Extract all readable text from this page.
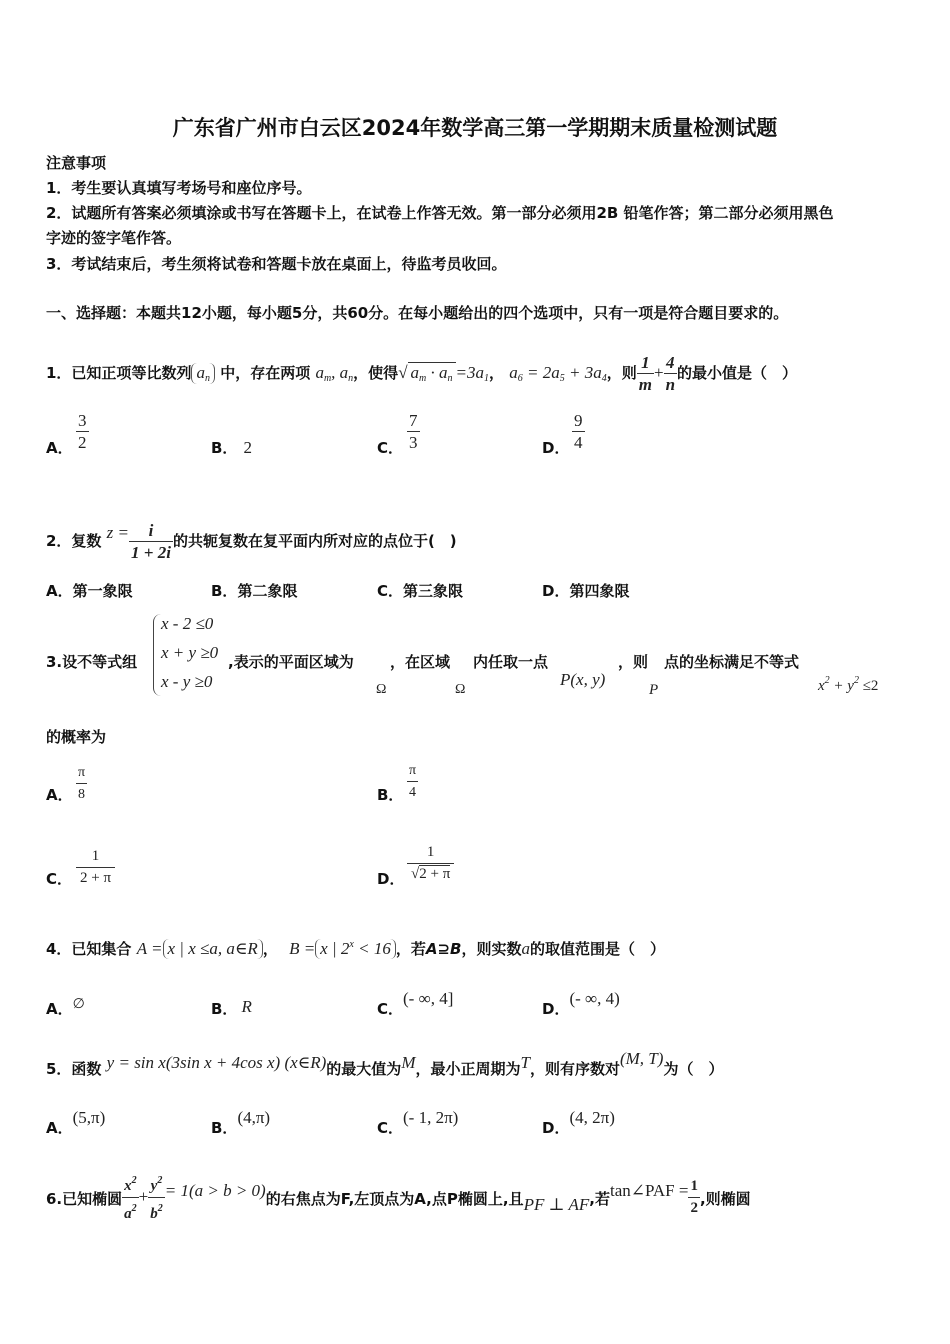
广东省广州市白云区2024年数学高三第一学期期末质量检测试题
注意事项
1．考生要认真填写考场号和座位序号。
2．试题所有答案必须填涂或书写在答题卡上，在试卷上作答无效。第一部分必须用2B 铅笔作答；第二部分必须用黑色
字迹的签字笔作答。
3．考试结束后，考生须将试卷和答题卡放在桌面上，待监考员收回。
一、选择题：本题共12小题，每小题5分，共60分。在每小题给出的四个选项中，只有一项是符合题目要求的。
1．已知正项等比数列 $a_n$ 中，存在两项 $a_m$, $a_n$，使得√ $a_m \cdot a_n =3a_1$， $a_6 = 2a_5 + 3a_4$，则 $\frac{1}{m} + \frac{4}{n}$ 的最小值是（　）
A． $\frac{3}{2}$	B． 2	C． $\frac{7}{3}$	D． $\frac{9}{4}$
2．复数 $z = \frac{i}{1 + 2i}$ 的共轭复数在复平面内所对应的点位于(　)
A．第一象限	B．第二象限	C．第三象限	D．第四象限
3.设不等式组
x - 2 ≤0
x + y ≥0
x - y ≥0
,表示的平面区域为 ，在区域 内任取一点	，则 点的坐标满足不等式
Ω	Ω
P(x, y)
P	$x^2 + y^2 \le 2$
的概率为
A． $\frac{\pi}{8}$	B． $\frac{\pi}{4}$
C． $\frac{1}{2 + \pi}$	D． $\frac{1}{√2 + \pi}$
4．已知集合 A = x | x ≤a, a∈R ， B = x | $2^x < 16$ ，若A⊇B，则实数a的取值范围是（　）
A．∅	B． R	C．(- ∞, 4]
D．(- ∞, 4)
5．函数 y = sin x(3sin x + 4cos x) (x∈R)的最大值为M，最小正周期为T，则有序数对(M, T)为（　）
A．(5,π)
B．(4,π)
C．(- 1, 2π)
D．(4, 2π)
6.已知椭圆 $\frac{x^2}{a^2} + \frac{y^2}{b^2} = 1(a > b > 0)$的右焦点为F,左顶点为A,点P椭圆上,且PF ⊥ AF,若tan∠PAF = $\frac{1}{2}$ ,则椭圆
